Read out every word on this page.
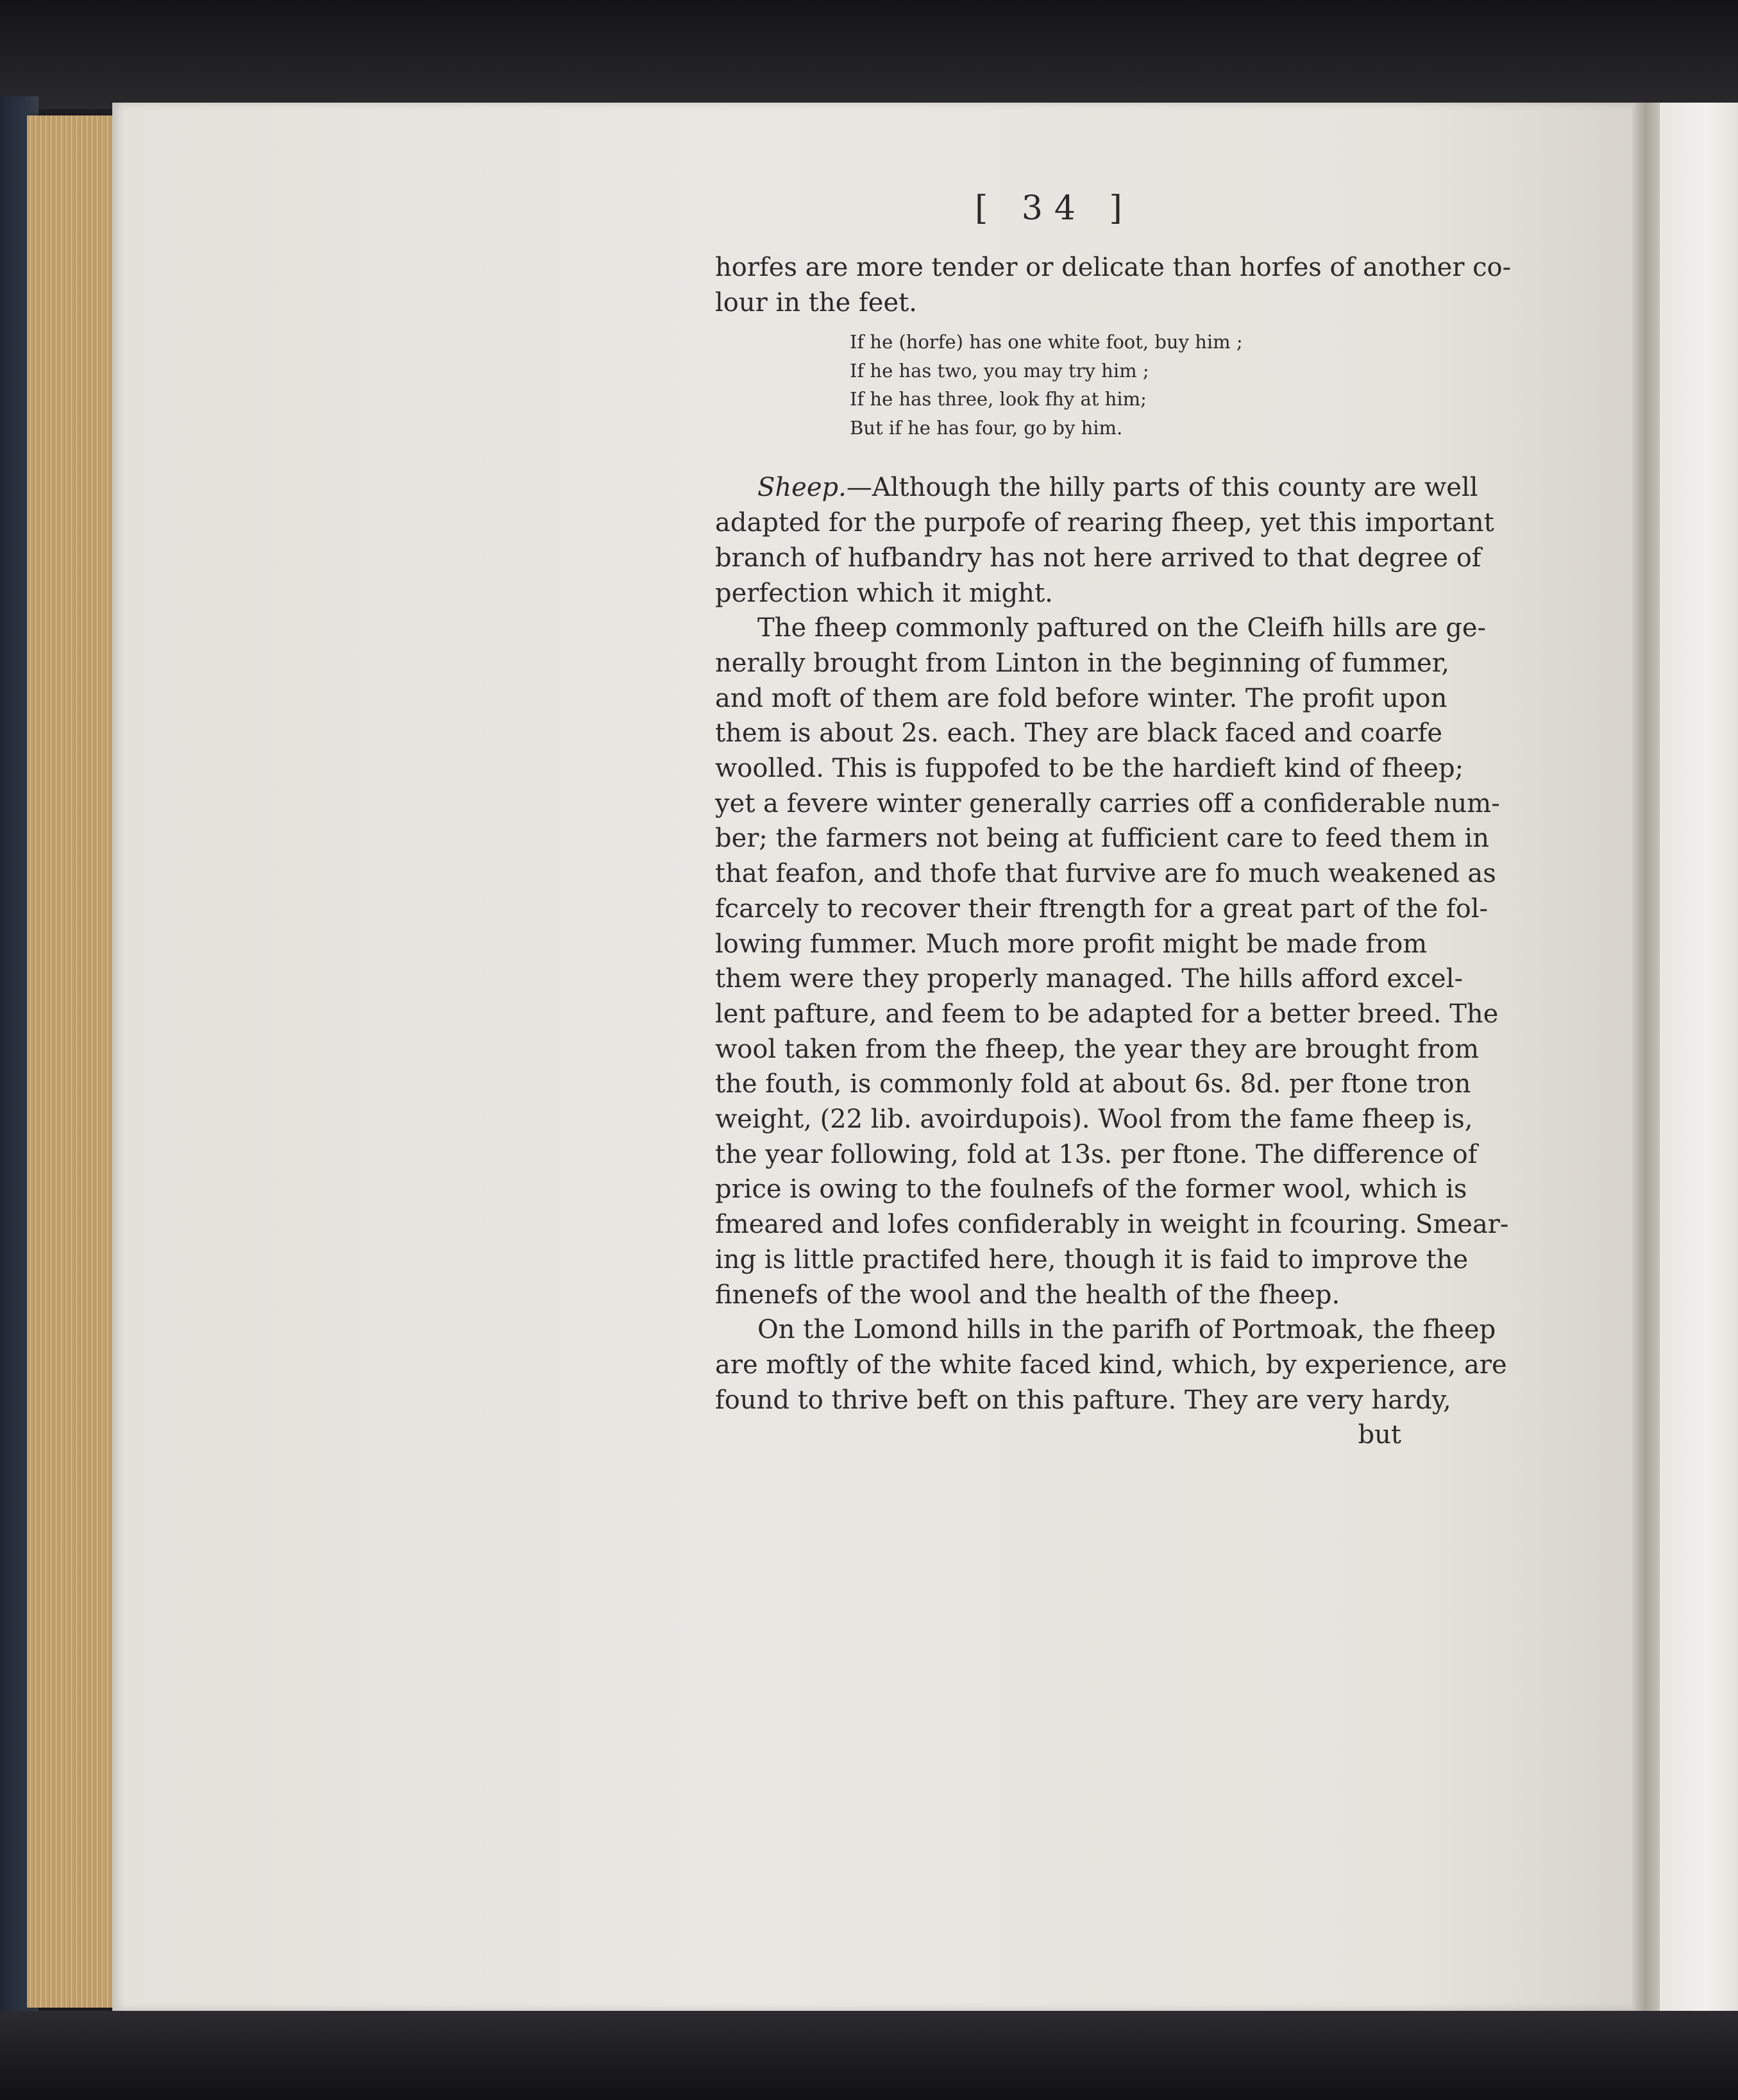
[ 34 ]
horfes are more tender or delicate than horfes of another co-
lour in the feet.
If he (horfe) has one white foot, buy him ;
If he has two, you may try him ;
If he has three, look fhy at him;
But if he has four, go by him.
Sheep.—Although the hilly parts of this county are well
adapted for the purpofe of rearing fheep, yet this important
branch of hufbandry has not here arrived to that degree of
perfection which it might.
The fheep commonly paftured on the Cleifh hills are ge-
nerally brought from Linton in the beginning of fummer,
and moft of them are fold before winter. The profit upon
them is about 2s. each. They are black faced and coarfe
woolled. This is fuppofed to be the hardieft kind of fheep;
yet a fevere winter generally carries off a confiderable num-
ber; the farmers not being at fufficient care to feed them in
that feafon, and thofe that furvive are fo much weakened as
fcarcely to recover their ftrength for a great part of the fol-
lowing fummer. Much more profit might be made from
them were they properly managed. The hills afford excel-
lent pafture, and feem to be adapted for a better breed. The
wool taken from the fheep, the year they are brought from
the fouth, is commonly fold at about 6s. 8d. per ftone tron
weight, (22 lib. avoirdupois). Wool from the fame fheep is,
the year following, fold at 13s. per ftone. The difference of
price is owing to the foulnefs of the former wool, which is
fmeared and lofes confiderably in weight in fcouring. Smear-
ing is little practifed here, though it is faid to improve the
finenefs of the wool and the health of the fheep.
On the Lomond hills in the parifh of Portmoak, the fheep
are moftly of the white faced kind, which, by experience, are
found to thrive beft on this pafture. They are very hardy,
but
